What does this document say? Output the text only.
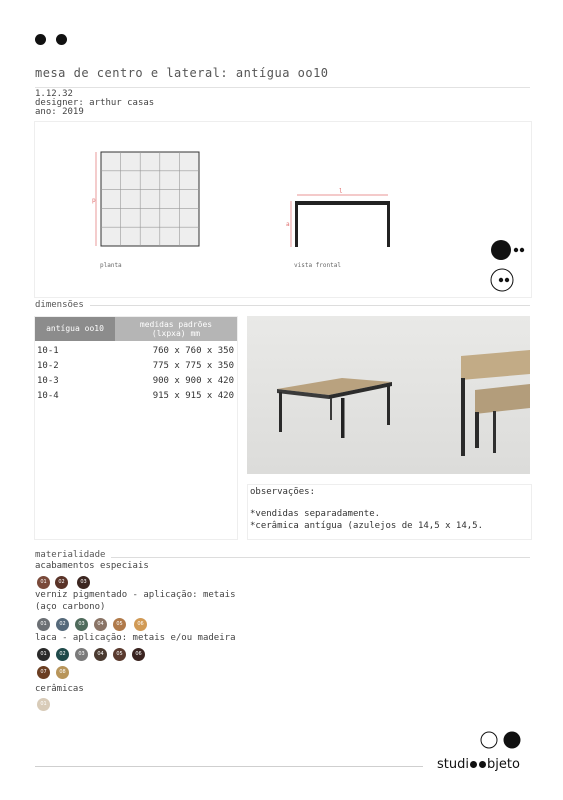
mesa de centro e lateral: antígua oo10
1.12.32
designer: arthur casas
ano: 2019
p
planta
l
a
vista frontal
dimensões
antígua oo10	medidas padrões
(lxpxa) mm
10-1	760 x 760 x 350
10-2	775 x 775 x 350
10-3	900 x 900 x 420
10-4	915 x 915 x 420
observações:
*vendidas separadamente.
*cerâmica antígua (azulejos de 14,5 x 14,5.
materialidade
acabamentos especiais
01	02	03
verniz pigmentado - aplicação: metais
(aço carbono)
01	02	03	04	05	06
laca - aplicação: metais e/ou madeira
01	02	03	04	05	06
07	08
cerâmicas
01
studi bjeto
